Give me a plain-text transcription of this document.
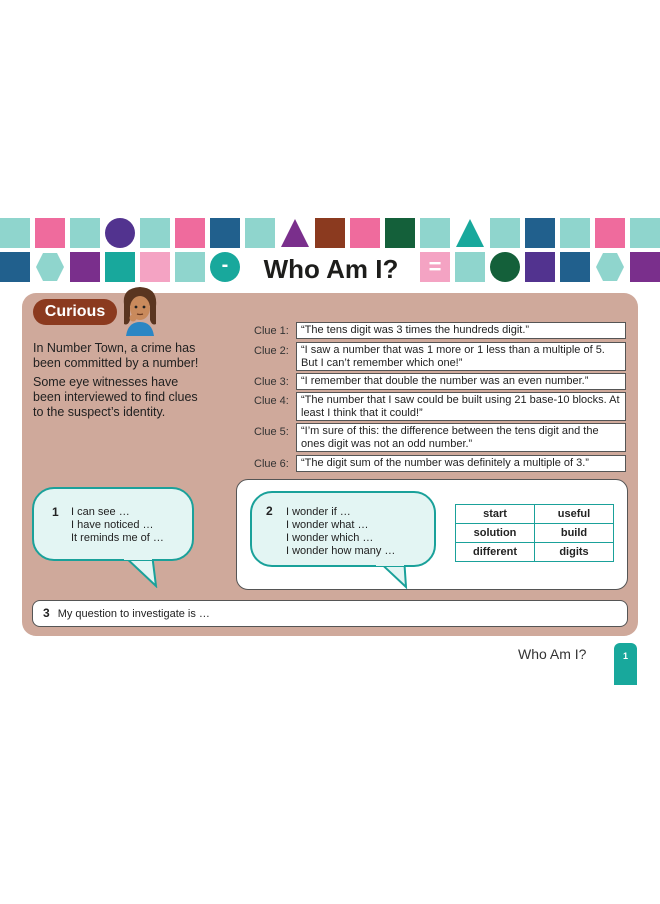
-	=
Who Am I?
Curious

In Number Town, a crime has been committed by a number!

Some eye witnesses have been interviewed to find clues to the suspect’s identity.

Clue 1:	“The tens digit was 3 times the hundreds digit.”
Clue 2:	“I saw a number that was 1 more or 1 less than a multiple of 5. But I can’t remember which one!”
Clue 3:	“I remember that double the number was an even number.”
Clue 4:	“The number that I saw could be built using 21 base-10 blocks. At least I think that it could!”
Clue 5:	“I’m sure of this: the difference between the tens digit and the ones digit was not an odd number.”
Clue 6:	“The digit sum of the number was definitely a multiple of 3.”
1 I can see …
I have noticed …
It reminds me of …
2 I wonder if …
I wonder what …
I wonder which …
I wonder how many …
start	useful
solution	build
different	digits
3 My question to investigate is …
Who Am I?	1
